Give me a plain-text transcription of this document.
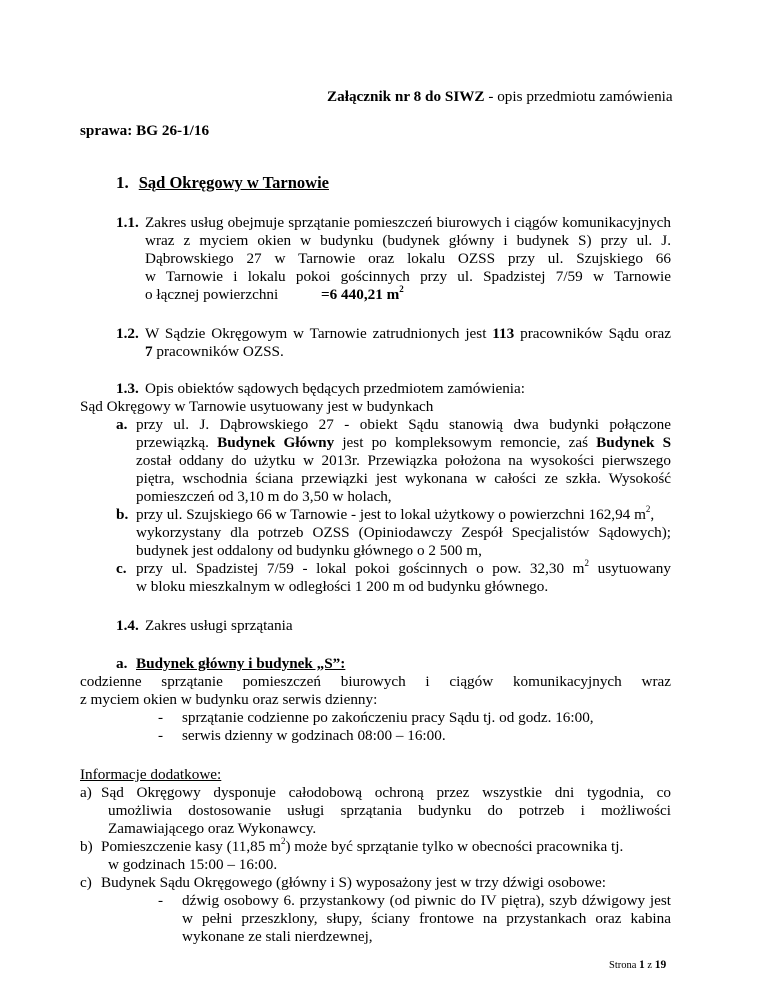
Załącznik nr 8 do SIWZ - opis przedmiotu zamówienia
sprawa: BG 26-1/16
1. Sąd Okręgowy w Tarnowie
1.1. Zakres usług obejmuje sprzątanie pomieszczeń biurowych i ciągów komunikacyjnych
wraz z myciem okien w budynku (budynek główny i budynek S) przy ul. J.
Dąbrowskiego 27 w Tarnowie oraz lokalu OZSS przy ul. Szujskiego 66
w Tarnowie i lokalu pokoi gościnnych przy ul. Spadzistej 7/59 w Tarnowie
o łącznej powierzchni	=6 440,21 $m^2$
1.2. W Sądzie Okręgowym w Tarnowie zatrudnionych jest 113 pracowników Sądu oraz
7 pracowników OZSS.
1.3. Opis obiektów sądowych będących przedmiotem zamówienia:
Sąd Okręgowy w Tarnowie usytuowany jest w budynkach
a. przy ul. J. Dąbrowskiego 27 - obiekt Sądu stanowią dwa budynki połączone
przewiązką. Budynek Główny jest po kompleksowym remoncie, zaś Budynek S
został oddany do użytku w 2013r. Przewiązka położona na wysokości pierwszego
piętra, wschodnia ściana przewiązki jest wykonana w całości ze szkła. Wysokość
pomieszczeń od 3,10 m do 3,50 w holach,
b. przy ul. Szujskiego 66 w Tarnowie - jest to lokal użytkowy o powierzchni 162,94 $m^2$,
wykorzystany dla potrzeb OZSS (Opiniodawczy Zespół Specjalistów Sądowych);
budynek jest oddalony od budynku głównego o 2 500 m,
c. przy ul. Spadzistej 7/59 - lokal pokoi gościnnych o pow. 32,30 $m^2$ usytuowany
w bloku mieszkalnym w odległości 1 200 m od budynku głównego.
1.4. Zakres usługi sprzątania
a. Budynek główny i budynek „S”:
codzienne sprzątanie pomieszczeń biurowych i ciągów komunikacyjnych wraz
z myciem okien w budynku oraz serwis dzienny:
- sprzątanie codzienne po zakończeniu pracy Sądu tj. od godz. 16:00,
- serwis dzienny w godzinach 08:00 – 16:00.
Informacje dodatkowe:
a) Sąd Okręgowy dysponuje całodobową ochroną przez wszystkie dni tygodnia, co
umożliwia dostosowanie usługi sprzątania budynku do potrzeb i możliwości
Zamawiającego oraz Wykonawcy.
b) Pomieszczenie kasy (11,85 $m^2$) może być sprzątanie tylko w obecności pracownika tj.
w godzinach 15:00 – 16:00.
c) Budynek Sądu Okręgowego (główny i S) wyposażony jest w trzy dźwigi osobowe:
- dźwig osobowy 6. przystankowy (od piwnic do IV piętra), szyb dźwigowy jest
w pełni przeszklony, słupy, ściany frontowe na przystankach oraz kabina
wykonane ze stali nierdzewnej,
Strona 1 z 19
